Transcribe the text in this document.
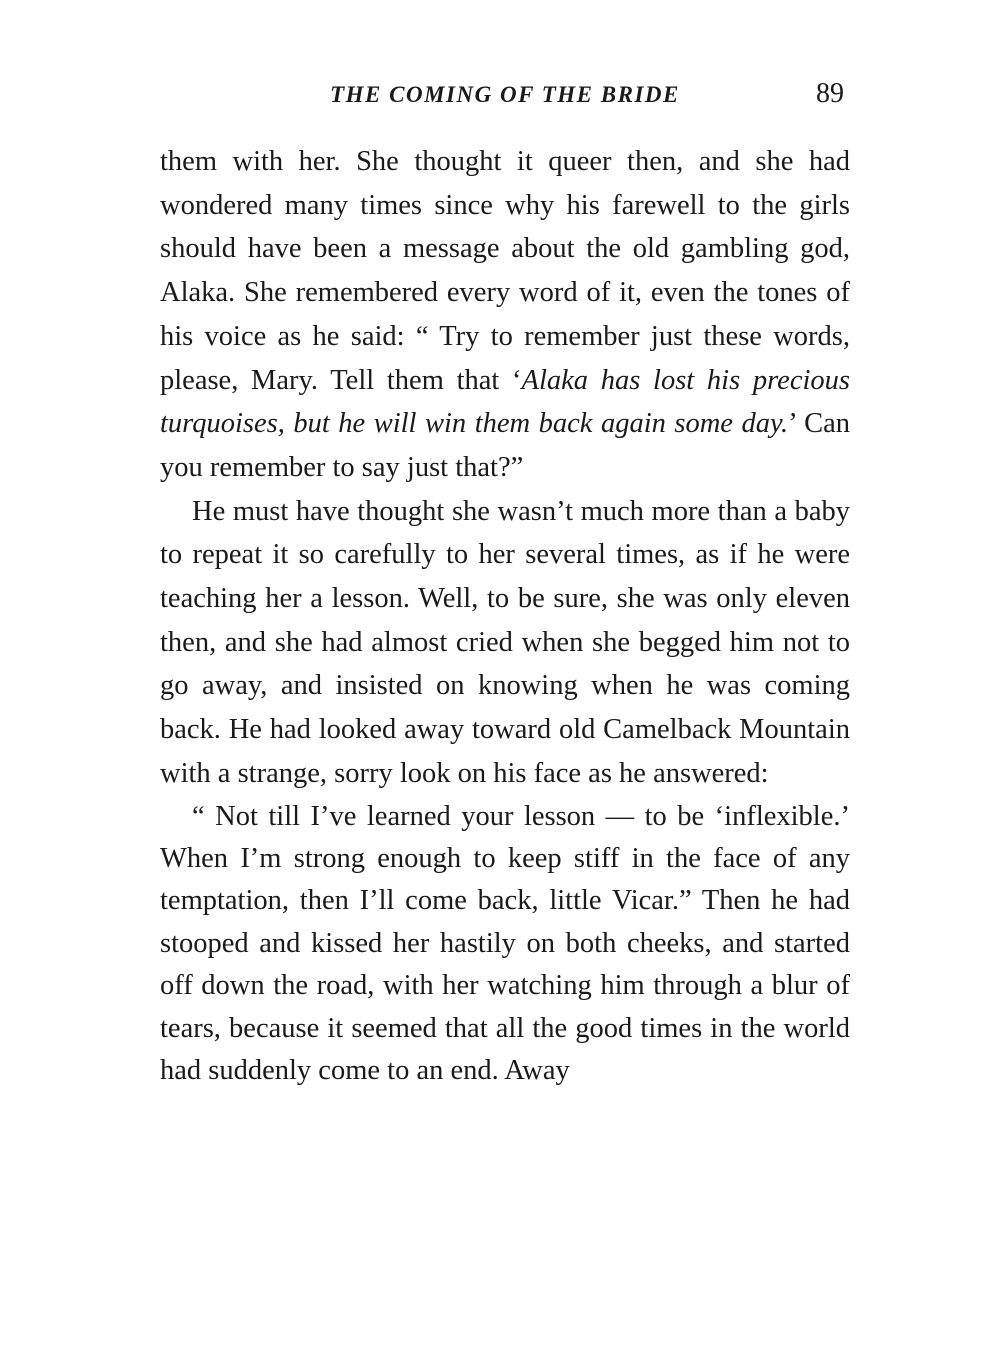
THE COMING OF THE BRIDE	89

them with her. She thought it queer then, and she had wondered many times since why his farewell to the girls should have been a message about the old gambling god, Alaka. She remembered every word of it, even the tones of his voice as he said: “ Try to remember just these words, please, Mary. Tell them that ‘Alaka has lost his precious turquoises, but he will win them back again some day.’ Can you remember to say just that?”

He must have thought she wasn’t much more than a baby to repeat it so carefully to her several times, as if he were teaching her a lesson. Well, to be sure, she was only eleven then, and she had almost cried when she begged him not to go away, and insisted on knowing when he was coming back. He had looked away toward old Camelback Mountain with a strange, sorry look on his face as he answered:

“ Not till I’ve learned your lesson — to be ‘inflexible.’ When I’m strong enough to keep stiff in the face of any temptation, then I’ll come back, little Vicar.” Then he had stooped and kissed her hastily on both cheeks, and started off down the road, with her watching him through a blur of tears, because it seemed that all the good times in the world had suddenly come to an end. Away
